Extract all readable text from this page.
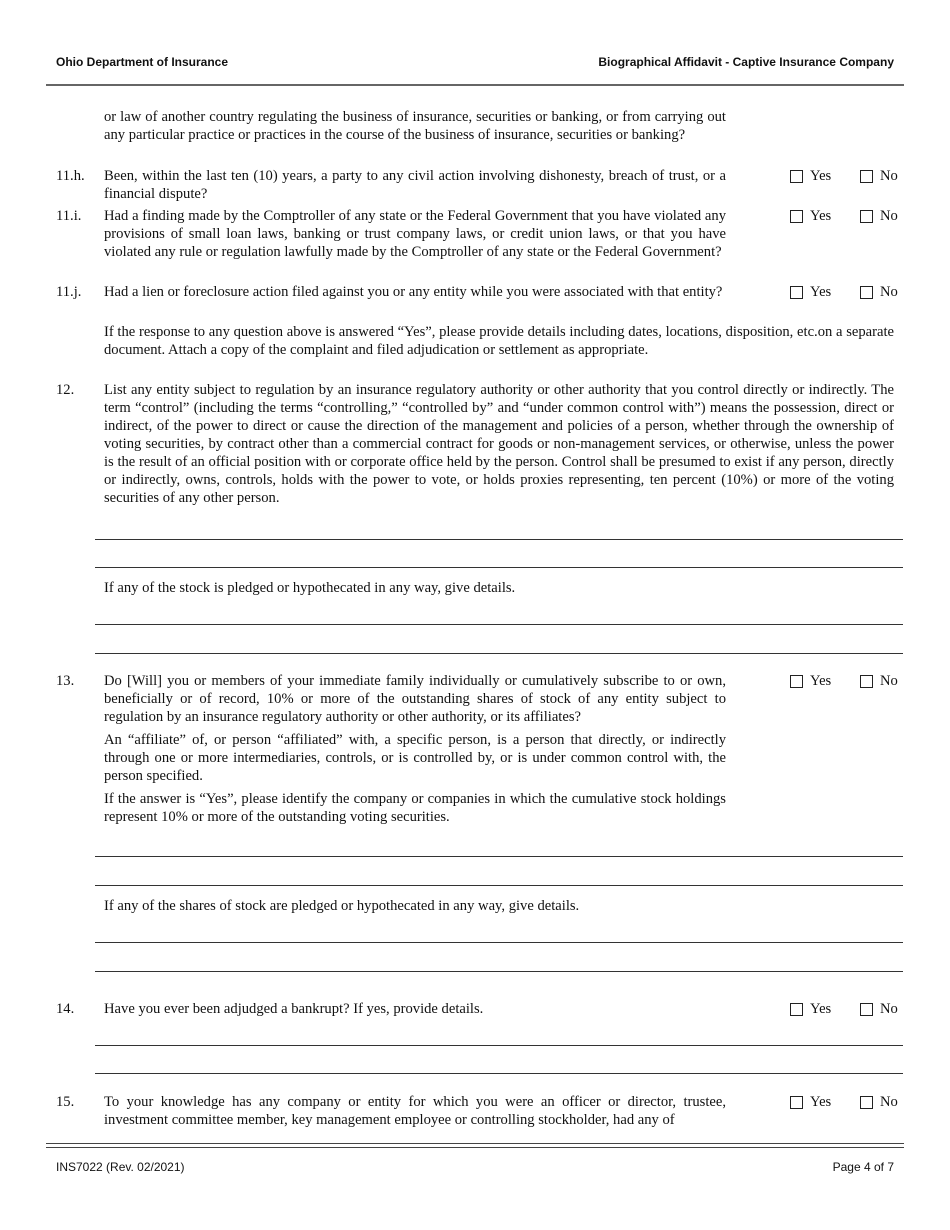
Ohio Department of Insurance	Biographical Affidavit - Captive Insurance Company
or law of another country regulating the business of insurance, securities or banking, or from carrying out any particular practice or practices in the course of the business of insurance, securities or banking?
11.h. Been, within the last ten (10) years, a party to any civil action involving dishonesty, breach of trust, or a financial dispute?
Yes	No
11.i. Had a finding made by the Comptroller of any state or the Federal Government that you have violated any provisions of small loan laws, banking or trust company laws, or credit union laws, or that you have violated any rule or regulation lawfully made by the Comptroller of any state or the Federal Government?
Yes	No
11.j. Had a lien or foreclosure action filed against you or any entity while you were associated with that entity?	Yes	No
If the response to any question above is answered “Yes”, please provide details including dates, locations, disposition, etc.on a separate document. Attach a copy of the complaint and filed adjudication or settlement as appropriate.
12. List any entity subject to regulation by an insurance regulatory authority or other authority that you control directly or indirectly. The term “control” (including the terms “controlling,” “controlled by” and “under common control with”) means the possession, direct or indirect, of the power to direct or cause the direction of the management and policies of a person, whether through the ownership of voting securities, by contract other than a commercial contract for goods or non-management services, or otherwise, unless the power is the result of an official position with or corporate office held by the person. Control shall be presumed to exist if any person, directly or indirectly, owns, controls, holds with the power to vote, or holds proxies representing, ten percent (10%) or more of the voting securities of any other person.
If any of the stock is pledged or hypothecated in any way, give details.
13. Do [Will] you or members of your immediate family individually or cumulatively subscribe to or own, beneficially or of record, 10% or more of the outstanding shares of stock of any entity subject to regulation by an insurance regulatory authority or other authority, or its affiliates?

An “affiliate” of, or person “affiliated” with, a specific person, is a person that directly, or indirectly through one or more intermediaries, controls, or is controlled by, or is under common control with, the person specified.

If the answer is “Yes”, please identify the company or companies in which the cumulative stock holdings represent 10% or more of the outstanding voting securities.

Yes	No
If any of the shares of stock are pledged or hypothecated in any way, give details.
14. Have you ever been adjudged a bankrupt? If yes, provide details.	Yes	No
15. To your knowledge has any company or entity for which you were an officer or director, trustee, investment committee member, key management employee or controlling stockholder, had any of
Yes	No
INS7022 (Rev. 02/2021)	Page 4 of 7
